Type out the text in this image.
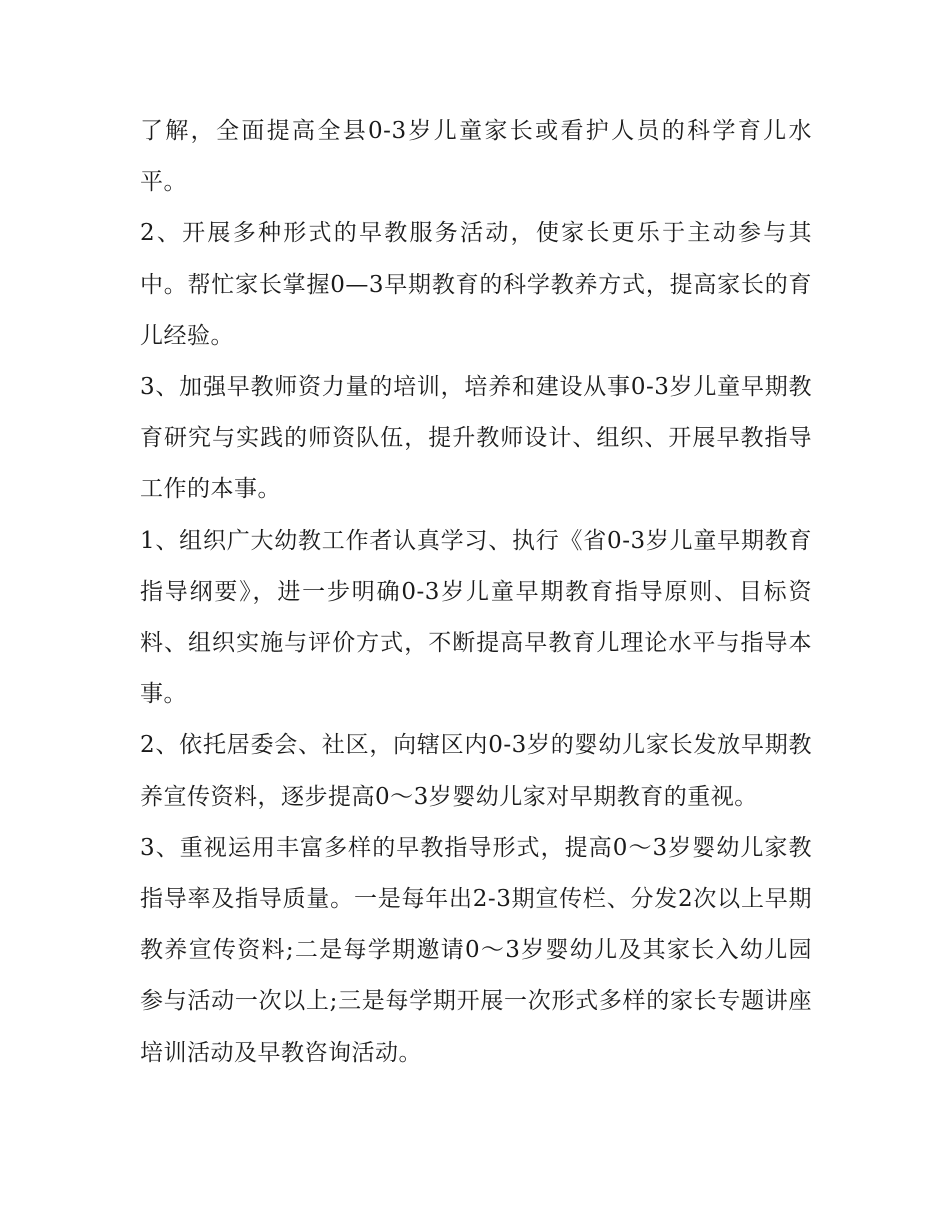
了解，全面提高全县0-3岁儿童家长或看护人员的科学育儿水平。

2、开展多种形式的早教服务活动，使家长更乐于主动参与其中。帮忙家长掌握0—3早期教育的科学教养方式，提高家长的育儿经验。

3、加强早教师资力量的培训，培养和建设从事0-3岁儿童早期教育研究与实践的师资队伍，提升教师设计、组织、开展早教指导工作的本事。

1、组织广大幼教工作者认真学习、执行《省0-3岁儿童早期教育指导纲要》，进一步明确0-3岁儿童早期教育指导原则、目标资料、组织实施与评价方式，不断提高早教育儿理论水平与指导本事。

2、依托居委会、社区，向辖区内0-3岁的婴幼儿家长发放早期教养宣传资料，逐步提高0～3岁婴幼儿家对早期教育的重视。

3、重视运用丰富多样的早教指导形式，提高0～3岁婴幼儿家教指导率及指导质量。一是每年出2-3期宣传栏、分发2次以上早期教养宣传资料;二是每学期邀请0～3岁婴幼儿及其家长入幼儿园参与活动一次以上;三是每学期开展一次形式多样的家长专题讲座培训活动及早教咨询活动。
